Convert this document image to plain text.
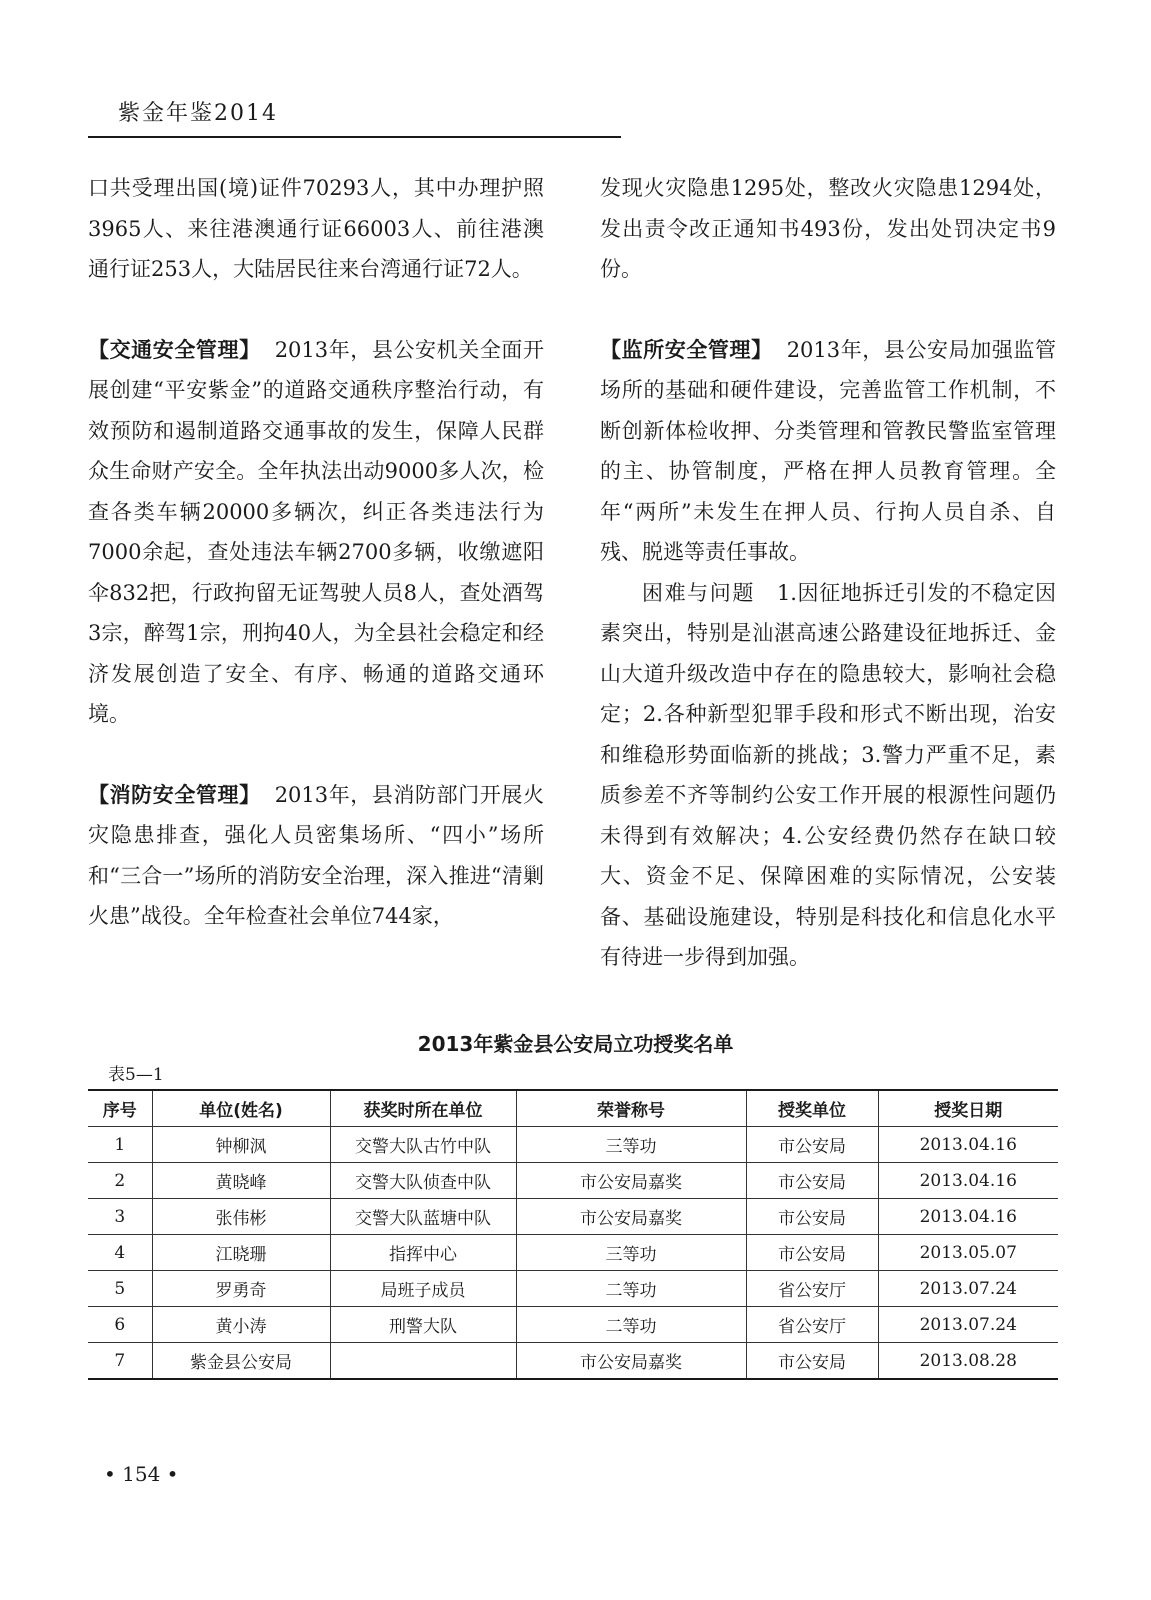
紫金年鉴2014

口共受理出国(境)证件70293人，其中办理护照3965人、来往港澳通行证66003人、前往港澳通行证253人，大陆居民往来台湾通行证72人。

【交通安全管理】 2013年，县公安机关全面开展创建“平安紫金”的道路交通秩序整治行动，有效预防和遏制道路交通事故的发生，保障人民群众生命财产安全。全年执法出动9000多人次，检查各类车辆20000多辆次，纠正各类违法行为7000余起，查处违法车辆2700多辆，收缴遮阳伞832把，行政拘留无证驾驶人员8人，查处酒驾3宗，醉驾1宗，刑拘40人，为全县社会稳定和经济发展创造了安全、有序、畅通的道路交通环境。

【消防安全管理】 2013年，县消防部门开展火灾隐患排查，强化人员密集场所、“四小”场所和“三合一”场所的消防安全治理，深入推进“清剿火患”战役。全年检查社会单位744家，

发现火灾隐患1295处，整改火灾隐患1294处，发出责令改正通知书493份，发出处罚决定书9份。

【监所安全管理】 2013年，县公安局加强监管场所的基础和硬件建设，完善监管工作机制，不断创新体检收押、分类管理和管教民警监室管理的主、协管制度，严格在押人员教育管理。全年“两所”未发生在押人员、行拘人员自杀、自残、脱逃等责任事故。

困难与问题 1.因征地拆迁引发的不稳定因素突出，特别是汕湛高速公路建设征地拆迁、金山大道升级改造中存在的隐患较大，影响社会稳定；2.各种新型犯罪手段和形式不断出现，治安和维稳形势面临新的挑战；3.警力严重不足，素质参差不齐等制约公安工作开展的根源性问题仍未得到有效解决；4.公安经费仍然存在缺口较大、资金不足、保障困难的实际情况，公安装备、基础设施建设，特别是科技化和信息化水平有待进一步得到加强。

2013年紫金县公安局立功授奖名单
表5—1
序号	单位(姓名)	获奖时所在单位	荣誉称号	授奖单位	授奖日期
1	钟柳沨	交警大队古竹中队	三等功	市公安局	2013.04.16
2	黄晓峰	交警大队侦查中队	市公安局嘉奖	市公安局	2013.04.16
3	张伟彬	交警大队蓝塘中队	市公安局嘉奖	市公安局	2013.04.16
4	江晓珊	指挥中心	三等功	市公安局	2013.05.07
5	罗勇奇	局班子成员	二等功	省公安厅	2013.07.24
6	黄小涛	刑警大队	二等功	省公安厅	2013.07.24
7	紫金县公安局		市公安局嘉奖	市公安局	2013.08.28
• 154 •
